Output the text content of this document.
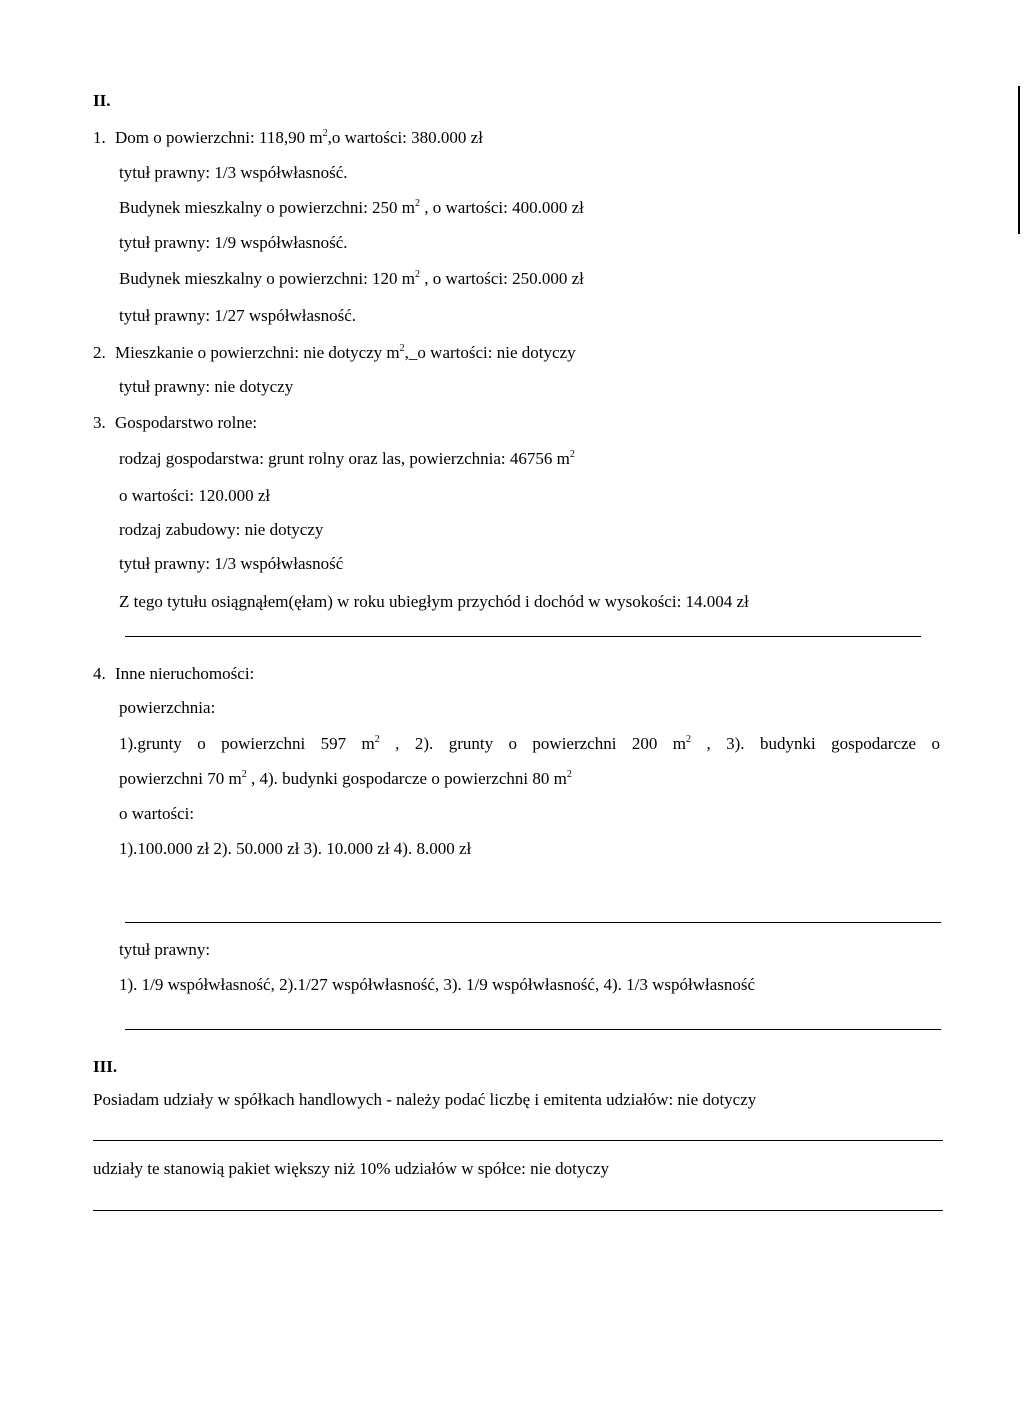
II.
1. Dom o powierzchni: 118,90 $m^2,o$ wartości: 380.000 zł
tytuł prawny: 1/3 współwłasność.
Budynek mieszkalny o powierzchni: 250 $m^2$ , o wartości: 400.000 zł
tytuł prawny: 1/9 współwłasność.
Budynek mieszkalny o powierzchni: 120 $m^2$ , o wartości: 250.000 zł
tytuł prawny: 1/27 współwłasność.
2. Mieszkanie o powierzchni: nie dotyczy $m^2,\_o$ wartości: nie dotyczy
tytuł prawny: nie dotyczy
3. Gospodarstwo rolne:
rodzaj gospodarstwa: grunt rolny oraz las, powierzchnia: 46756 $m^2$
o wartości: 120.000 zł
rodzaj zabudowy: nie dotyczy
tytuł prawny: 1/3 współwłasność
Z tego tytułu osiągnąłem(ęłam) w roku ubiegłym przychód i dochód w wysokości: 14.004 zł
4. Inne nieruchomości:
powierzchnia:
1).grunty o powierzchni 597 $m^2$ , 2). grunty o powierzchni 200 $m^2$ , 3). budynki gospodarcze o
powierzchni 70 $m^2$ , 4). budynki gospodarcze o powierzchni 80 $m^2$
o wartości:
1).100.000 zł 2). 50.000 zł 3). 10.000 zł 4). 8.000 zł
tytuł prawny:
1). 1/9 współwłasność, 2).1/27 współwłasność, 3). 1/9 współwłasność, 4). 1/3 współwłasność
III.
Posiadam udziały w spółkach handlowych - należy podać liczbę i emitenta udziałów: nie dotyczy
udziały te stanowią pakiet większy niż 10% udziałów w spółce: nie dotyczy
